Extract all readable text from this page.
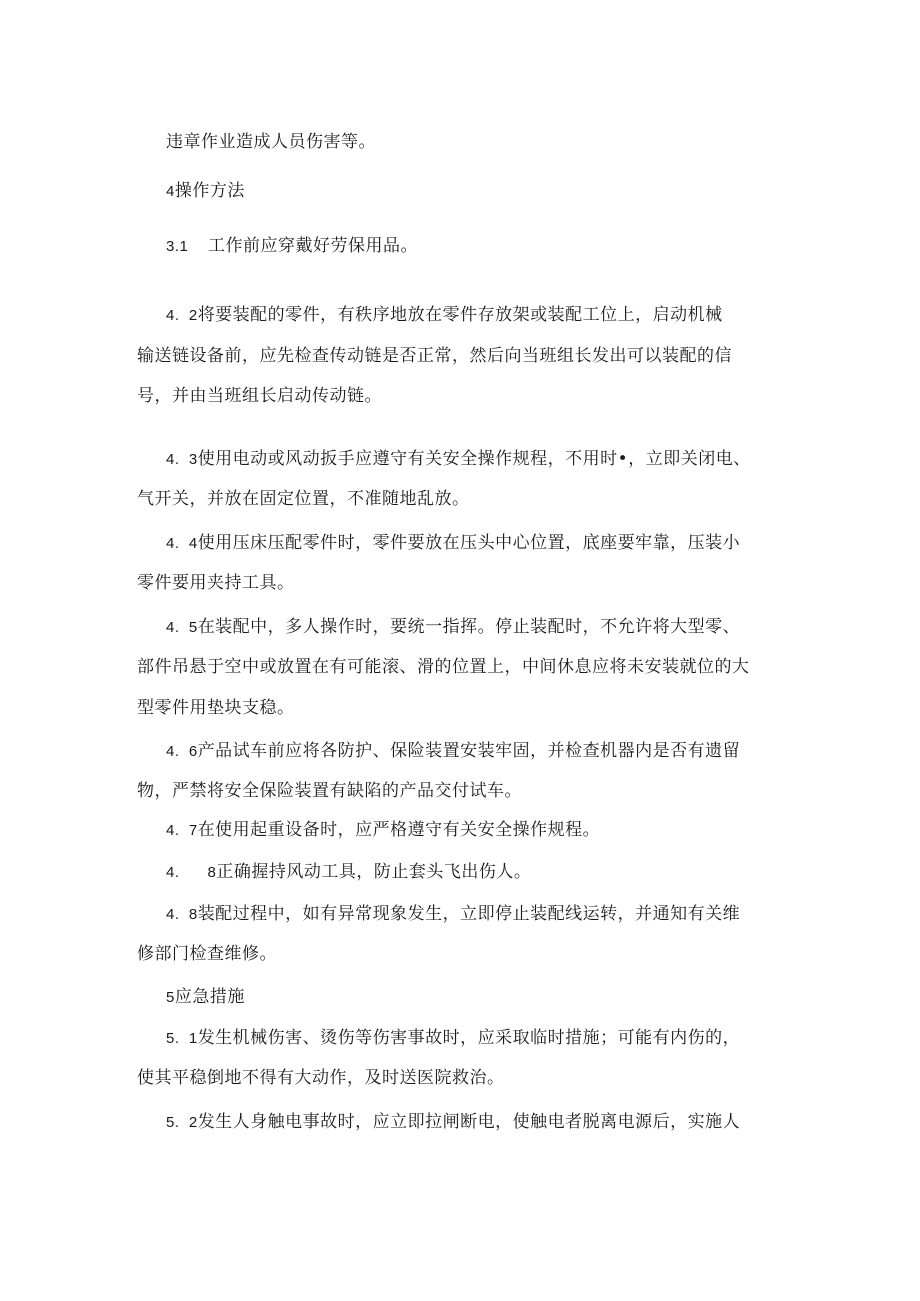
违章作业造成人员伤害等。
4操作方法
3.1 工作前应穿戴好劳保用品。
4.  2将要装配的零件，有秩序地放在零件存放架或装配工位上，启动机械
输送链设备前，应先检查传动链是否正常，然后向当班组长发出可以装配的信
号，并由当班组长启动传动链。
4.  3使用电动或风动扳手应遵守有关安全操作规程，不用时•，立即关闭电、
气开关，并放在固定位置，不准随地乱放。
4.  4使用压床压配零件时，零件要放在压头中心位置，底座要牢靠，压装小
零件要用夹持工具。
4.  5在装配中，多人操作时，要统一指挥。停止装配时，不允许将大型零、
部件吊悬于空中或放置在有可能滚、滑的位置上，中间休息应将未安装就位的大
型零件用垫块支稳。
4.  6产品试车前应将各防护、保险装置安装牢固，并检查机器内是否有遗留
物，严禁将安全保险装置有缺陷的产品交付试车。
4.  7在使用起重设备时，应严格遵守有关安全操作规程。
4.      8正确握持风动工具，防止套头飞出伤人。
4.  8装配过程中，如有异常现象发生，立即停止装配线运转，并通知有关维
修部门检查维修。
5应急措施
5.  1发生机械伤害、烫伤等伤害事故时，应采取临时措施；可能有内伤的，
使其平稳倒地不得有大动作，及时送医院救治。
5.  2发生人身触电事故时，应立即拉闸断电，使触电者脱离电源后，实施人
